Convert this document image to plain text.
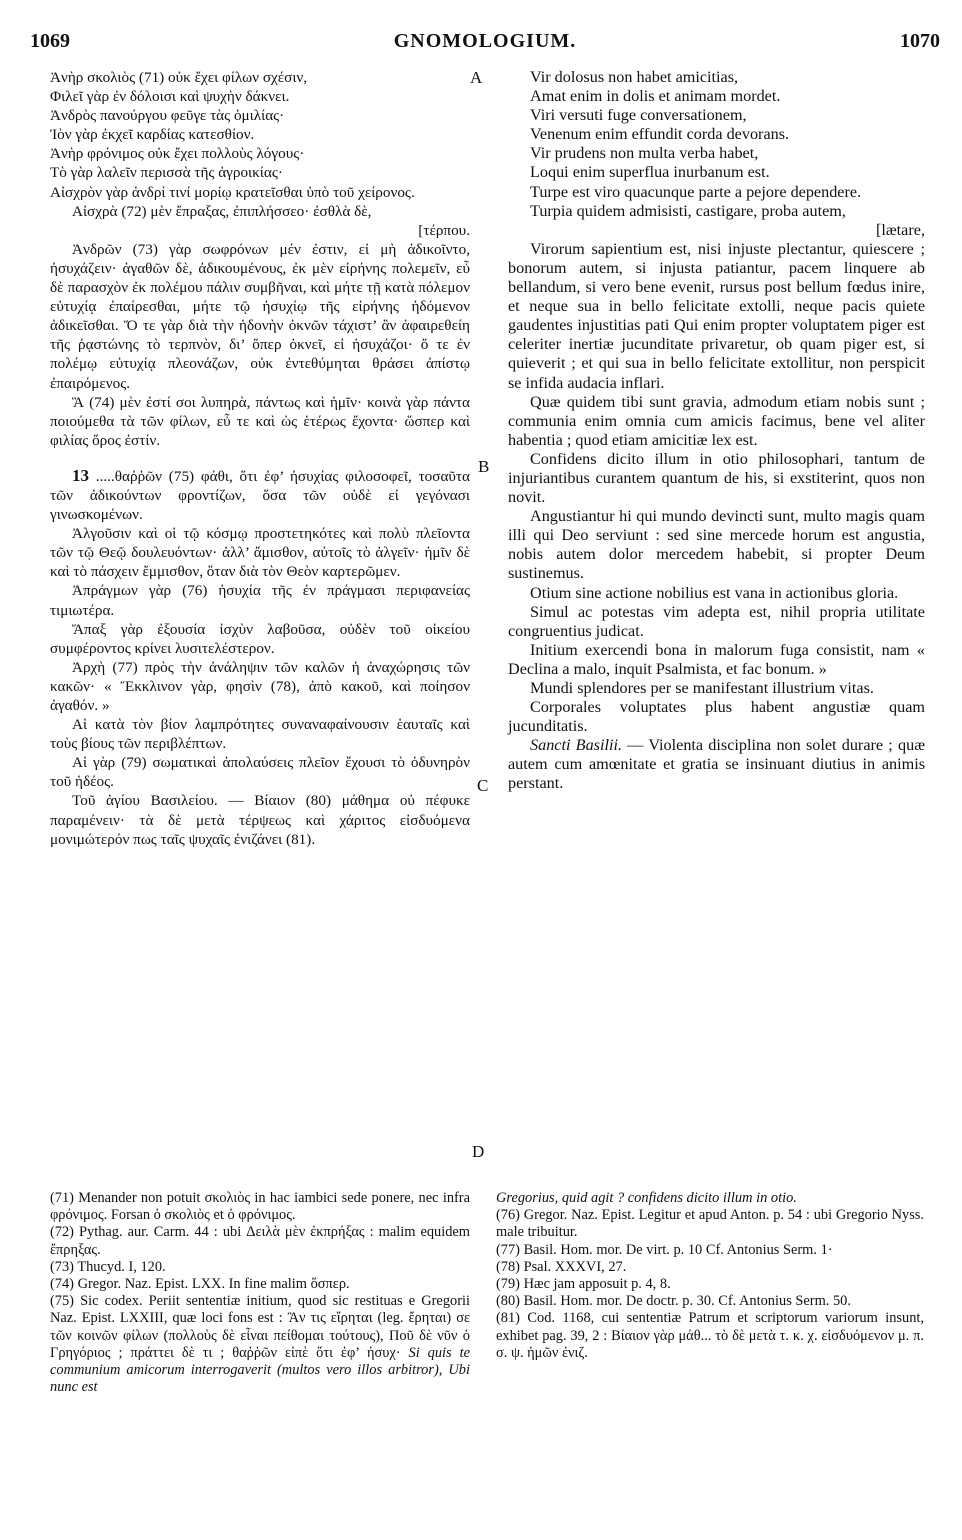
1069	GNOMOLOGIUM.	1070
A
B
C
D

Ἀνὴρ σκολιὸς (71) οὐκ ἔχει φίλων σχέσιν,

Φιλεῖ γὰρ ἐν δόλοισι καὶ ψυχὴν δάκνει.

Ἀνδρὸς πανούργου φεῦγε τὰς ὁμιλίας·

Ἰὸν γὰρ ἐκχεῖ καρδίας κατεσθίον.

Ἀνὴρ φρόνιμος οὐκ ἔχει πολλοὺς λόγους·

Τὸ γὰρ λαλεῖν περισσὰ τῆς ἀγροικίας·

Αἰσχρὸν γὰρ ἀνδρί τινί μορίῳ κρατεῖσθαι ὑπὸ τοῦ χείρονος.

Αἰσχρὰ (72) μὲν ἔπραξας, ἐπιπλήσσεο· ἐσθλὰ δὲ,

[τέρπου.

Ἀνδρῶν (73) γὰρ σωφρόνων μέν ἐστιν, εἰ μὴ ἀδικοῖντο, ἡσυχάζειν· ἀγαθῶν δὲ, ἀδικουμένους, ἐκ μὲν εἰρήνης πολεμεῖν, εὖ δὲ παρασχὸν ἐκ πολέμου πάλιν συμβῆναι, καὶ μήτε τῇ κατὰ πόλεμον εὐτυχίᾳ ἐπαίρεσθαι, μήτε τῷ ἡσυχίῳ τῆς εἰρήνης ἡδόμενον ἀδικεῖσθαι. Ὅ τε γὰρ διὰ τὴν ἡδονὴν ὀκνῶν τάχιστ’ ἂν ἀφαιρεθείη τῆς ῥᾳστώνης τὸ τερπνὸν, δι’ ὅπερ ὀκνεῖ, εἰ ἡσυχάζοι· ὅ τε ἐν πολέμῳ εὐτυχίᾳ πλεονάζων, οὐκ ἐντεθύμηται θράσει ἀπίστῳ ἐπαιρόμενος.

Ἃ (74) μὲν ἐστί σοι λυπηρὰ, πάντως καὶ ἡμῖν· κοινὰ γὰρ πάντα ποιούμεθα τὰ τῶν φίλων, εὖ τε καὶ ὡς ἑτέρως ἔχοντα· ὥσπερ καὶ φιλίας ὅρος ἐστίν.

13 .....θαῤῥῶν (75) φάθι, ὅτι ἐφ’ ἡσυχίας φιλοσοφεῖ, τοσαῦτα τῶν ἀδικούντων φροντίζων, ὅσα τῶν οὐδὲ εἰ γεγόνασι γινωσκομένων.

Ἀλγοῦσιν καὶ οἱ τῷ κόσμῳ προστετηκότες καὶ πολὺ πλεῖοντα τῶν τῷ Θεῷ δουλευόντων· ἀλλ’ ἄμισθον, αὐτοῖς τὸ ἀλγεῖν· ἡμῖν δὲ καὶ τὸ πάσχειν ἔμμισθον, ὅταν διὰ τὸν Θεὸν καρτερῶμεν.

Ἀπράγμων γὰρ (76) ἡσυχία τῆς ἐν πράγμασι περιφανείας τιμιωτέρα.

Ἅπαξ γὰρ ἐξουσία ἰσχὺν λαβοῦσα, οὐδὲν τοῦ οἰκείου συμφέροντος κρίνει λυσιτελέστερον.

Ἀρχὴ (77) πρὸς τὴν ἀνάληψιν τῶν καλῶν ἡ ἀναχώρησις τῶν κακῶν· « Ἔκκλινον γὰρ, φησὶν (78), ἀπὸ κακοῦ, καὶ ποίησον ἀγαθόν. »

Αἱ κατὰ τὸν βίον λαμπρότητες συναναφαίνουσιν ἑαυταῖς καὶ τοὺς βίους τῶν περιβλέπτων.

Αἱ γὰρ (79) σωματικαὶ ἀπολαύσεις πλεῖον ἔχουσι τὸ ὀδυνηρὸν τοῦ ἡδέος.

Τοῦ ἁγίου Βασιλείου. — Βίαιον (80) μάθημα οὐ πέφυκε παραμένειν· τὰ δὲ μετὰ τέρψεως καὶ χάριτος εἰσδυόμενα μονιμώτερόν πως ταῖς ψυχαῖς ἐνιζάνει (81).

Vir dolosus non habet amicitias,

Amat enim in dolis et animam mordet.

Viri versuti fuge conversationem,

Venenum enim effundit corda devorans.

Vir prudens non multa verba habet,

Loqui enim superflua inurbanum est.

Turpe est viro quacunque parte a pejore dependere.

Turpia quidem admisisti, castigare, proba autem,

[lætare,

Virorum sapientium est, nisi injuste plectantur, quiescere ; bonorum autem, si injusta patiantur, pacem linquere ab bellandum, si vero bene evenit, rursus post bellum fœdus inire, et neque sua in bello felicitate extolli, neque pacis quiete gaudentes injustitias pati Qui enim propter voluptatem piger est celeriter inertiæ jucunditate privaretur, ob quam piger est, si quieverit ; et qui sua in bello felicitate extollitur, non perspicit se infida audacia inflari.

Quæ quidem tibi sunt gravia, admodum etiam nobis sunt ; communia enim omnia cum amicis facimus, bene vel aliter habentia ; quod etiam amicitiæ lex est.

Confidens dicito illum in otio philosophari, tantum de injuriantibus curantem quantum de his, si exstiterint, quos non novit.

Angustiantur hi qui mundo devincti sunt, multo magis quam illi qui Deo serviunt : sed sine mercede horum est angustia, nobis autem dolor mercedem habebit, si propter Deum sustinemus.

Otium sine actione nobilius est vana in actionibus gloria.

Simul ac potestas vim adepta est, nihil propria utilitate congruentius judicat.

Initium exercendi bona in malorum fuga consistit, nam « Declina a malo, inquit Psalmista, et fac bonum. »

Mundi splendores per se manifestant illustrium vitas.

Corporales voluptates plus habent angustiæ quam jucunditatis.

Sancti Basilii. — Violenta disciplina non solet durare ; quæ autem cum amœnitate et gratia se insinuant diutius in animis perstant.

(71) Menander non potuit σκολιὸς in hac iambici sede ponere, nec infra φρόνιμος. Forsan ὁ σκολιὸς et ὁ φρόνιμος.

(72) Pythag. aur. Carm. 44 : ubi Δειλὰ μὲν ἐκπρήξας : malim equidem ἔπρηξας.

(73) Thucyd. I, 120.

(74) Gregor. Naz. Epist. LXX. In fine malim ὅσπερ.

(75) Sic codex. Periit sententiæ initium, quod sic restituas e Gregorii Naz. Epist. LXXIII, quæ loci fons est : Ἂν τις εἴρηται (leg. ἔρηται) σε τῶν κοινῶν φίλων (πολλοὺς δὲ εἶναι πείθομαι τούτους), Ποῦ δὲ νῦν ὁ Γρηγόριος ; πράττει δὲ τι ; θαῤῥῶν εἰπὲ ὅτι ἐφ’ ἡσυχ· Si quis te communium amicorum interrogaverit (multos vero illos arbitror), Ubi nunc est

Gregorius, quid agit ? confidens dicito illum in otio.

(76) Gregor. Naz. Epist. Legitur et apud Anton. p. 54 : ubi Gregorio Nyss. male tribuitur.

(77) Basil. Hom. mor. De virt. p. 10 Cf. Antonius Serm. 1·

(78) Psal. XXXVI, 27.

(79) Hæc jam apposuit p. 4, 8.

(80) Basil. Hom. mor. De doctr. p. 30. Cf. Antonius Serm. 50.

(81) Cod. 1168, cui sententiæ Patrum et scriptorum variorum insunt, exhibet pag. 39, 2 : Βίαιον γὰρ μάθ... τὸ δὲ μετὰ τ. κ. χ. εἰσδυόμενον μ. π. σ. ψ. ἡμῶν ἐνιζ.
